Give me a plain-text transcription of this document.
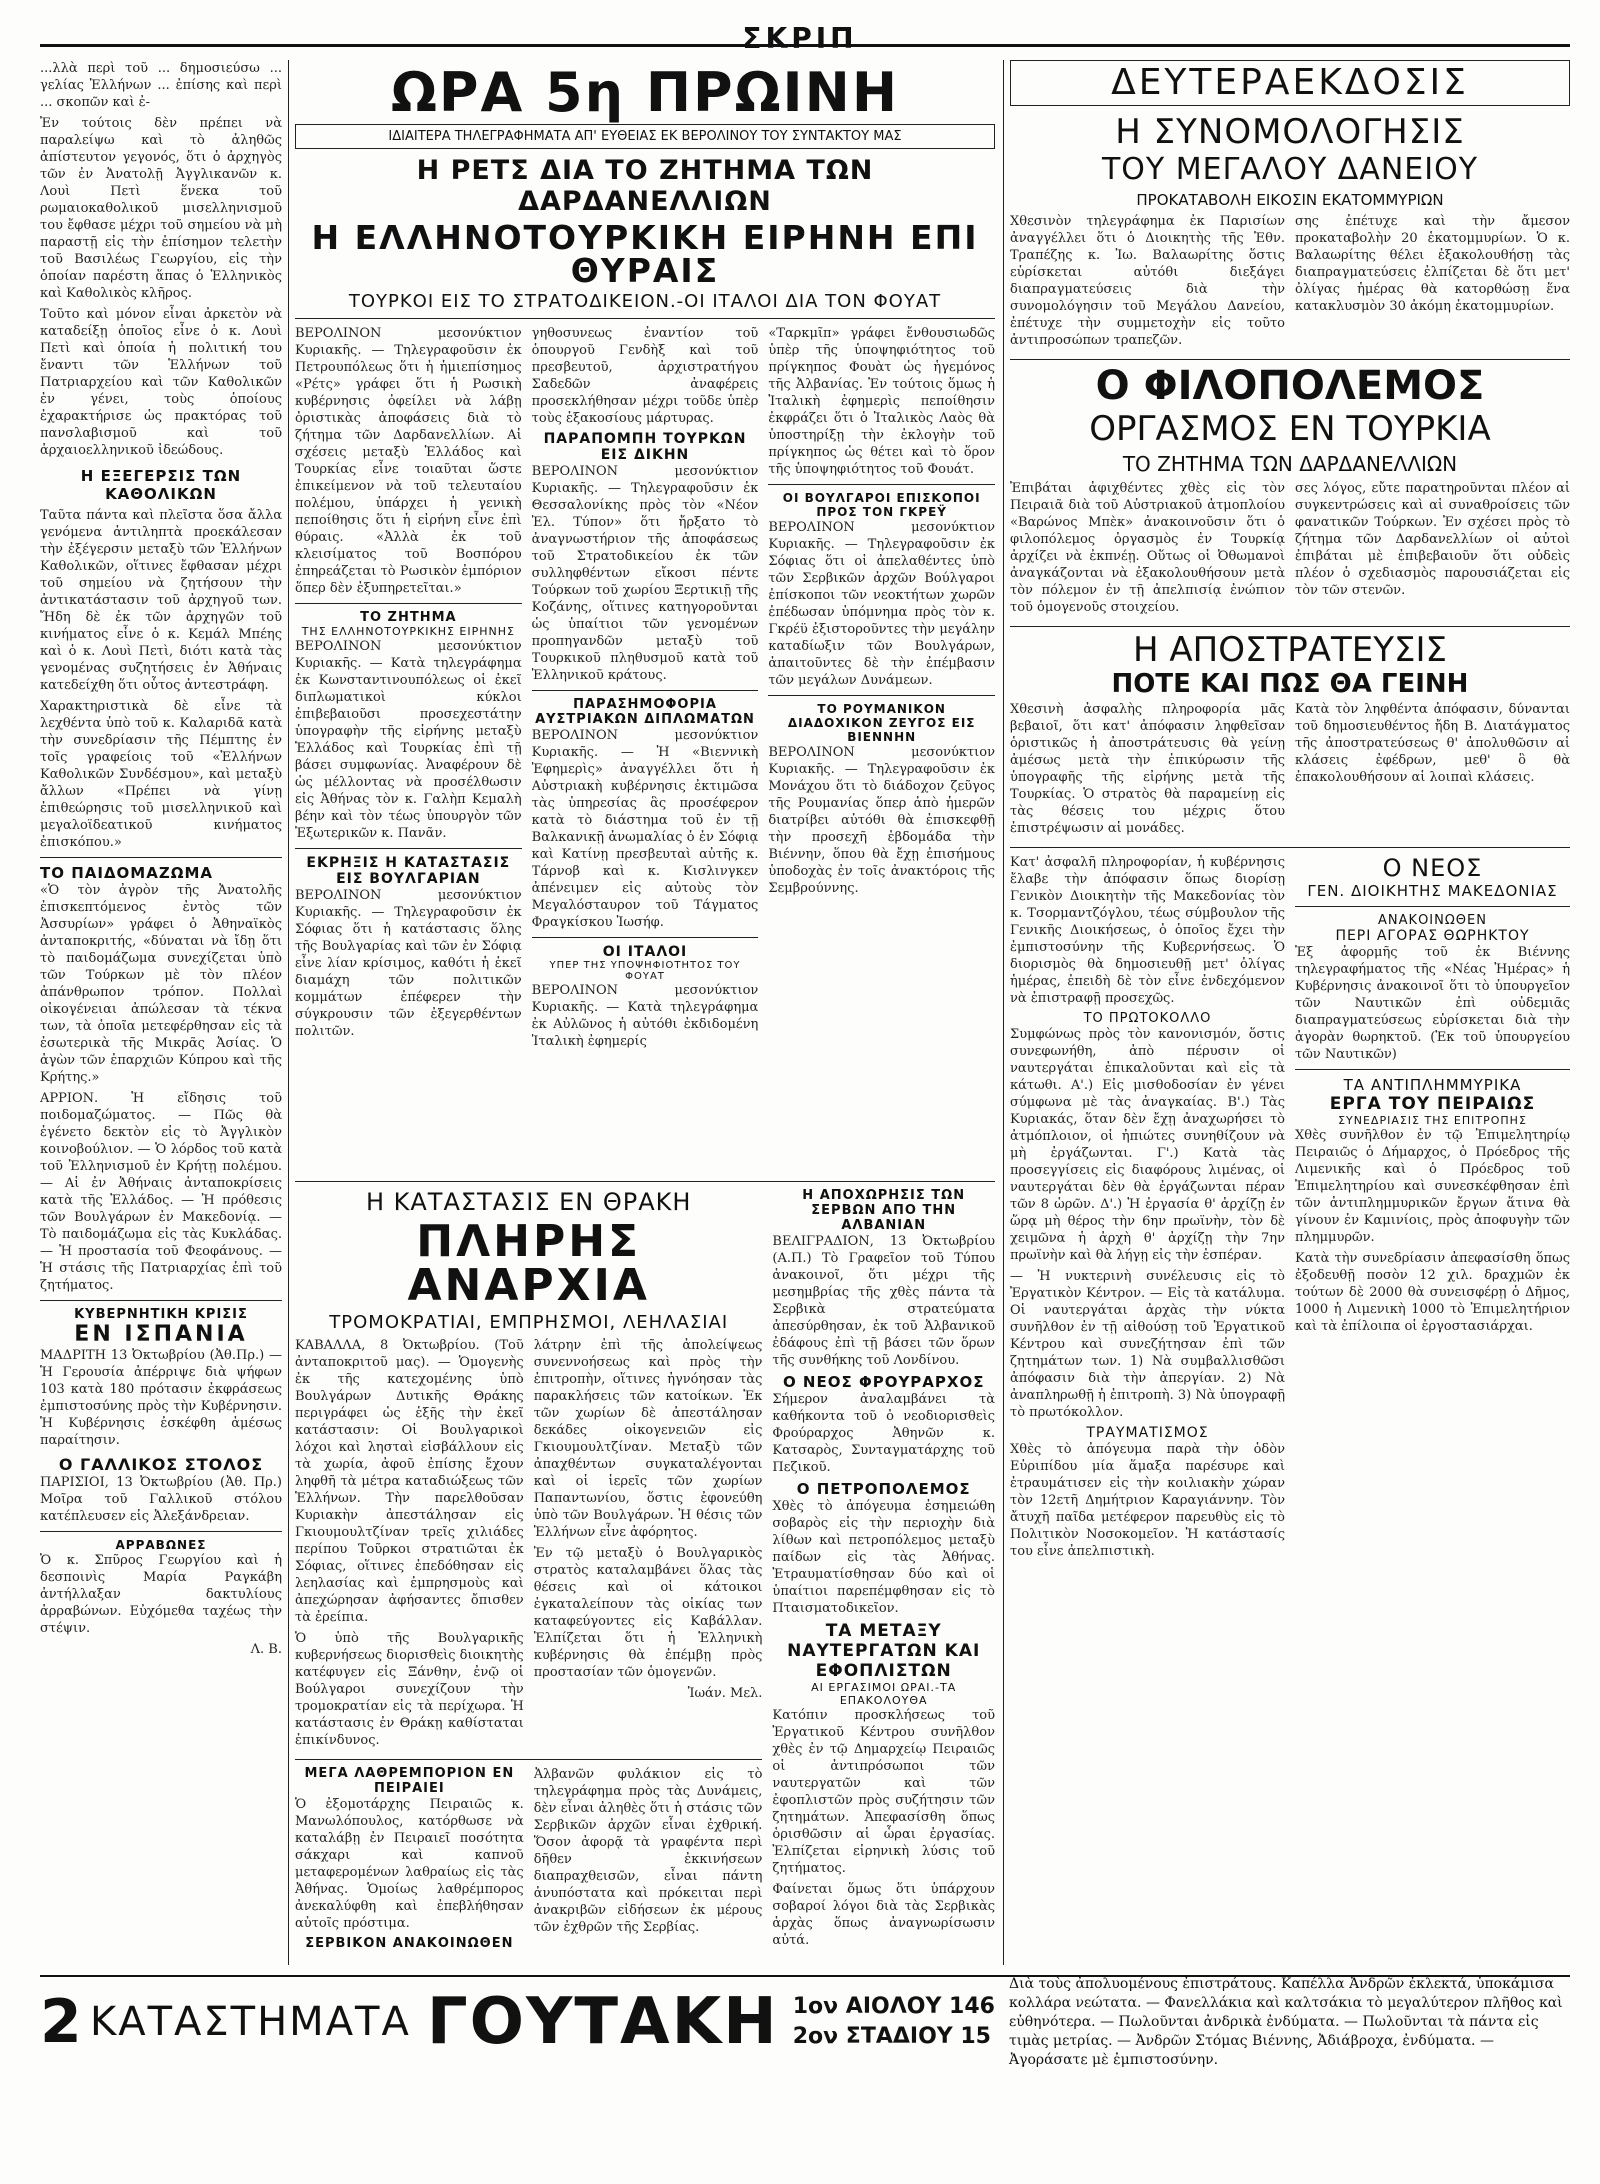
ΣΚΡΙΠ

...λλὰ περὶ τοῦ ... δημοσιεύσω ... γελίας Ἑλλήνων ... ἐπίσης καὶ περὶ ... σκοπῶν καὶ ἐ-

Ἐν τούτοις δὲν πρέπει νὰ παραλείψω καὶ τὸ ἀληθῶς ἀπίστευτον γεγονός, ὅτι ὁ ἀρχηγὸς τῶν ἐν Ἀνατολῇ Ἀγγλικανῶν κ. Λουὶ Πετὶ ἕνεκα τοῦ ρωμαιοκαθολικοῦ μισελληνισμοῦ του ἔφθασε μέχρι τοῦ σημείου νὰ μὴ παραστῇ εἰς τὴν ἐπίσημον τελετὴν τοῦ Βασιλέως Γεωργίου, εἰς τὴν ὁποίαν παρέστη ἅπας ὁ Ἑλληνικὸς καὶ Καθολικὸς κλῆρος.

Τοῦτο καὶ μόνον εἶναι ἀρκετὸν νὰ καταδείξῃ ὁποῖος εἶνε ὁ κ. Λουὶ Πετὶ καὶ ὁποία ἡ πολιτική του ἔναντι τῶν Ἑλλήνων τοῦ Πατριαρχείου καὶ τῶν Καθολικῶν ἐν γένει, τοὺς ὁποίους ἐχαρακτήρισε ὡς πρακτόρας τοῦ πανσλαβισμοῦ καὶ τοῦ ἀρχαιοελληνικοῦ ἰδεώδους.

Η ΕΞΕΓΕΡΣΙΣ ΤΩΝ ΚΑΘΟΛΙΚΩΝ

Ταῦτα πάντα καὶ πλεῖστα ὅσα ἄλλα γενόμενα ἀντιληπτὰ προεκάλεσαν τὴν ἐξέγερσιν μεταξὺ τῶν Ἑλλήνων Καθολικῶν, οἵτινες ἔφθασαν μέχρι τοῦ σημείου νὰ ζητήσουν τὴν ἀντικατάστασιν τοῦ ἀρχηγοῦ των. Ἤδη δὲ ἐκ τῶν ἀρχηγῶν τοῦ κινήματος εἶνε ὁ κ. Κεμάλ Μπέης καὶ ὁ κ. Λουὶ Πετὶ, διότι κατὰ τὰς γενομένας συζητήσεις ἐν Ἀθήναις κατεδείχθη ὅτι οὗτος ἀντεστράφη.

Χαρακτηριστικὰ δὲ εἶνε τὰ λεχθέντα ὑπὸ τοῦ κ. Καλαριδᾶ κατὰ τὴν συνεδρίασιν τῆς Πέμπτης ἐν τοῖς γραφείοις τοῦ «Ἑλλήνων Καθολικῶν Συνδέσμου», καὶ μεταξὺ ἄλλων «Πρέπει νὰ γίνῃ ἐπιθεώρησις τοῦ μισελληνικοῦ καὶ μεγαλοϊδεατικοῦ κινήματος ἐπισκόπου.»

ΤΟ ΠΑΙΔΟΜΑΖΩΜΑ

«Ὁ τὸν ἀγρὸν τῆς Ἀνατολῆς ἐπισκεπτόμενος ἐντὸς τῶν Ἀσσυρίων» γράφει ὁ Ἀθηναϊκὸς ἀνταποκριτής, «δύναται νὰ ἴδῃ ὅτι τὸ παιδομάζωμα συνεχίζεται ὑπὸ τῶν Τούρκων μὲ τὸν πλέον ἀπάνθρωπον τρόπον. Πολλαὶ οἰκογένειαι ἀπώλεσαν τὰ τέκνα των, τὰ ὁποῖα μετεφέρθησαν εἰς τὰ ἐσωτερικὰ τῆς Μικρᾶς Ἀσίας. Ὁ ἀγὼν τῶν ἐπαρχιῶν Κύπρου καὶ τῆς Κρήτης.»

ΑΡΡΙΟΝ. Ἡ εἴδησις τοῦ ποιδομαζώματος. — Πῶς θὰ ἐγένετο δεκτὸν εἰς τὸ Ἀγγλικὸν κοινοβούλιον. — Ὁ λόρδος τοῦ κατὰ τοῦ Ἑλληνισμοῦ ἐν Κρήτῃ πολέμου. — Αἱ ἐν Ἀθήναις ἀνταποκρίσεις κατὰ τῆς Ἑλλάδος. — Ἡ πρόθεσις τῶν Βουλγάρων ἐν Μακεδονίᾳ. — Τὸ παιδομάζωμα εἰς τὰς Κυκλάδας. — Ἡ προστασία τοῦ Φεοφάνους. — Ἡ στάσις τῆς Πατριαρχίας ἐπὶ τοῦ ζητήματος.

ΚΥΒΕΡΝΗΤΙΚΗ ΚΡΙΣΙΣ
ΕΝ ΙΣΠΑΝΙΑ

ΜΑΔΡΙΤΗ 13 Ὀκτωβρίου (Ἀθ.Πρ.) —Ἡ Γερουσία ἀπέρριψε διὰ ψήφων 103 κατὰ 180 πρότασιν ἐκφράσεως ἐμπιστοσύνης πρὸς τὴν Κυβέρνησιν. Ἡ Κυβέρνησις ἐσκέφθη ἀμέσως παραίτησιν.

Ο ΓΑΛΛΙΚΟΣ ΣΤΟΛΟΣ

ΠΑΡΙΣΙΟΙ, 13 Ὀκτωβρίου (Ἀθ. Πρ.) Μοῖρα τοῦ Γαλλικοῦ στόλου κατέπλευσεν εἰς Ἀλεξάνδρειαν.

ΑΡΡΑΒΩΝΕΣ

Ὁ κ. Σπῦρος Γεωργίου καὶ ἡ δεσποινὶς Μαρία Ραγκάβη ἀντήλλαξαν δακτυλίους ἀρραβώνων. Εὐχόμεθα ταχέως τὴν στέψιν.

Λ. Β.
ΩΡΑ 5η ΠΡΩΙΝΗ
ΙΔΙΑΙΤΕΡΑ ΤΗΛΕΓΡΑΦΗΜΑΤΑ ΑΠ' ΕΥΘΕΙΑΣ ΕΚ ΒΕΡΟΛΙΝΟΥ ΤΟΥ ΣΥΝΤΑΚΤΟΥ ΜΑΣ
Η ΡΕΤΣ ΔΙΑ ΤΟ ΖΗΤΗΜΑ ΤΩΝ ΔΑΡΔΑΝΕΛΛΙΩΝ
Η ΕΛΛΗΝΟΤΟΥΡΚΙΚΗ ΕΙΡΗΝΗ ΕΠΙ ΘΥΡΑΙΣ
ΤΟΥΡΚΟΙ ΕΙΣ ΤΟ ΣΤΡΑΤΟΔΙΚΕΙΟΝ.-ΟΙ ΙΤΑΛΟΙ ΔΙΑ ΤΟΝ ΦΟΥΑΤ

ΒΕΡΟΛΙΝΟΝ μεσονύκτιον Κυριακῆς. — Τηλεγραφοῦσιν ἐκ Πετρουπόλεως ὅτι ἡ ἡμιεπίσημος «Ρέτς» γράφει ὅτι ἡ Ρωσικὴ κυβέρνησις ὀφείλει νὰ λάβῃ ὁριστικὰς ἀποφάσεις διὰ τὸ ζήτημα τῶν Δαρδανελλίων. Αἱ σχέσεις μεταξὺ Ἑλλάδος καὶ Τουρκίας εἶνε τοιαῦται ὥστε ἐπικείμενον νὰ τοῦ τελευταίου πολέμου, ὑπάρχει ἡ γενικὴ πεποίθησις ὅτι ἡ εἰρήνη εἶνε ἐπὶ θύραις. «Ἀλλὰ ἐκ τοῦ κλεισίματος τοῦ Βοσπόρου ἐπηρεάζεται τὸ Ρωσικὸν ἐμπόριον ὅπερ δὲν ἐξυπηρετεῖται.»

ΤΟ ΖΗΤΗΜΑ
ΤΗΣ ΕΛΛΗΝΟΤΟΥΡΚΙΚΗΣ ΕΙΡΗΝΗΣ

ΒΕΡΟΛΙΝΟΝ μεσονύκτιον Κυριακῆς. — Κατὰ τηλεγράφημα ἐκ Κωνσταντινουπόλεως οἱ ἐκεῖ διπλωματικοὶ κύκλοι ἐπιβεβαιοῦσι προσεχεστάτην ὑπογραφὴν τῆς εἰρήνης μεταξὺ Ἑλλάδος καὶ Τουρκίας ἐπὶ τῇ βάσει συμφωνίας. Ἀναφέρουν δὲ ὡς μέλλοντας νὰ προσέλθωσιν εἰς Ἀθήνας τὸν κ. Γαλὴπ Κεμαλὴ βέην καὶ τὸν τέως ὑπουργὸν τῶν Ἐξωτερικῶν κ. Πανᾶν.

ΕΚΡΗΞΙΣ Η ΚΑΤΑΣΤΑΣΙΣ ΕΙΣ ΒΟΥΛΓΑΡΙΑΝ

ΒΕΡΟΛΙΝΟΝ μεσονύκτιον Κυριακῆς. — Τηλεγραφοῦσιν ἐκ Σόφιας ὅτι ἡ κατάστασις ὅλης τῆς Βουλγαρίας καὶ τῶν ἐν Σόφιᾳ εἶνε λίαν κρίσιμος, καθότι ἡ ἐκεῖ διαμάχη τῶν πολιτικῶν κομμάτων ἐπέφερεν τὴν σύγκρουσιν τῶν ἐξεγερθέντων πολιτῶν.

γηθοσυνεως ἐναντίον τοῦ ὁπουργοῦ Γενδὴξ καὶ τοῦ πρεσβευτοῦ, ἀρχιστρατήγου Σαδεδῶν ἀναφέρεις προσεκλήθησαν μέχρι τοῦδε ὑπὲρ τοὺς ἑξακοσίους μάρτυρας.

ΠΑΡΑΠΟΜΠΗ ΤΟΥΡΚΩΝ ΕΙΣ ΔΙΚΗΝ

ΒΕΡΟΛΙΝΟΝ μεσονύκτιον Κυριακῆς. — Τηλεγραφοῦσιν ἐκ Θεσσαλονίκης πρὸς τὸν «Νέον Ἑλ. Τύπον» ὅτι ἤρξατο τὸ ἀναγνωστήριον τῆς ἀποφάσεως τοῦ Στρατοδικείου ἐκ τῶν συλληφθέντων εἴκοσι πέντε Τούρκων τοῦ χωρίου Ξερτικιῇ τῆς Κοζάνης, οἵτινες κατηγοροῦνται ὡς ὑπαίτιοι τῶν γενομένων προπηγανδῶν μεταξὺ τοῦ Τουρκικοῦ πληθυσμοῦ κατὰ τοῦ Ἑλληνικοῦ κράτους.

ΠΑΡΑΣΗΜΟΦΟΡΙΑ ΑΥΣΤΡΙΑΚΩΝ ΔΙΠΛΩΜΑΤΩΝ

ΒΕΡΟΛΙΝΟΝ μεσονύκτιον Κυριακῆς. — Ἡ «Βιεννικὴ Ἐφημερὶς» ἀναγγέλλει ὅτι ἡ Αὐστριακὴ κυβέρνησις ἐκτιμῶσα τὰς ὑπηρεσίας ἃς προσέφερον κατὰ τὸ διάστημα τοῦ ἐν τῇ Βαλκανικῇ ἀνωμαλίας ὁ ἐν Σόφιᾳ καὶ Κατίνῃ πρεσβευταὶ αὐτῆς κ. Τάρνοβ καὶ κ. Κισλινγκεν ἀπένειμεν εἰς αὐτοὺς τὸν Μεγαλόσταυρον τοῦ Τάγματος Φραγκίσκου Ἰωσήφ.

ΟΙ ΙΤΑΛΟΙ
ΥΠΕΡ ΤΗΣ ΥΠΟΨΗΦΙΟΤΗΤΟΣ ΤΟΥ ΦΟΥΑΤ

ΒΕΡΟΛΙΝΟΝ μεσονύκτιον Κυριακῆς. — Κατὰ τηλεγράφημα ἐκ Αὐλῶνος ἡ αὐτόθι ἐκδιδομένη Ἰταλικὴ ἐφημερίς

«Ταρκμῖπ» γράφει ἔνθουσιωδῶς ὑπὲρ τῆς ὑποψηφιότητος τοῦ πρίγκηπος Φουὰτ ὡς ἡγεμόνος τῆς Ἀλβανίας. Ἐν τούτοις ὅμως ἡ Ἰταλικὴ ἐφημερὶς πεποίθησιν ἐκφράζει ὅτι ὁ Ἰταλικὸς Λαὸς θὰ ὑποστηρίξῃ τὴν ἐκλογὴν τοῦ πρίγκηπος ὡς θέτει καὶ τὸ ὅρον τῆς ὑποψηφιότητος τοῦ Φουάτ.

ΟΙ ΒΟΥΛΓΑΡΟΙ ΕΠΙΣΚΟΠΟΙ ΠΡΟΣ ΤΟΝ ΓΚΡΕΫ

ΒΕΡΟΛΙΝΟΝ μεσονύκτιον Κυριακῆς. — Τηλεγραφοῦσιν ἐκ Σόφιας ὅτι οἱ ἀπελαθέντες ὑπὸ τῶν Σερβικῶν ἀρχῶν Βούλγαροι ἐπίσκοποι τῶν νεοκτήτων χωρῶν ἐπέδωσαν ὑπόμνημα πρὸς τὸν κ. Γκρέϋ ἐξιστοροῦντες τὴν μεγάλην καταδίωξιν τῶν Βουλγάρων, ἀπαιτοῦντες δὲ τὴν ἐπέμβασιν τῶν μεγάλων Δυνάμεων.

ΤΟ ΡΟΥΜΑΝΙΚΟΝ ΔΙΑΔΟΧΙΚΟΝ ΖΕΥΓΟΣ ΕΙΣ ΒΙΕΝΝΗΝ

ΒΕΡΟΛΙΝΟΝ μεσονύκτιον Κυριακῆς. — Τηλεγραφοῦσιν ἐκ Μονάχου ὅτι τὸ διάδοχον ζεῦγος τῆς Ρουμανίας ὅπερ ἀπὸ ἡμερῶν διατρίβει αὐτόθι θὰ ἐπισκεφθῇ τὴν προσεχῆ ἑβδομάδα τὴν Βιέννην, ὅπου θὰ ἔχῃ ἐπισήμους ὑποδοχὰς ἐν τοῖς ἀνακτόροις τῆς Σεμβρούννης.

Η ΚΑΤΑΣΤΑΣΙΣ ΕΝ ΘΡΑΚΗ
ΠΛΗΡΗΣ ΑΝΑΡΧΙΑ
ΤΡΟΜΟΚΡΑΤΙΑΙ, ΕΜΠΡΗΣΜΟΙ, ΛΕΗΛΑΣΙΑΙ

ΚΑΒΑΛΛΑ, 8 Ὀκτωβρίου. (Τοῦ ἀνταποκριτοῦ μας). — Ὁμογενὴς ἐκ τῆς κατεχομένης ὑπὸ Βουλγάρων Δυτικῆς Θράκης περιγράφει ὡς ἑξῆς τὴν ἐκεῖ κατάστασιν: Οἱ Βουλγαρικοὶ λόχοι καὶ λησταὶ εἰσβάλλουν εἰς τὰ χωρία, ἀφοῦ ἐπίσης ἔχουν ληφθῆ τὰ μέτρα καταδιώξεως τῶν Ἑλλήνων. Τὴν παρελθοῦσαν Κυριακὴν ἀπεστάλησαν εἰς Γκιουμουλτζίναν τρεῖς χιλιάδες περίπου Τοῦρκοι στρατιῶται ἐκ Σόφιας, οἵτινες ἐπεδόθησαν εἰς λεηλασίας καὶ ἐμπρησμοὺς καὶ ἀπεχώρησαν ἀφήσαντες ὄπισθεν τὰ ἐρείπια.

Ὁ ὑπὸ τῆς Βουλγαρικῆς κυβερνήσεως διορισθεὶς διοικητὴς κατέφυγεν εἰς Ξάνθην, ἐνῷ οἱ Βούλγαροι συνεχίζουν τὴν τρομοκρατίαν εἰς τὰ περίχωρα. Ἡ κατάστασις ἐν Θράκῃ καθίσταται ἐπικίνδυνος.

λάτρην ἐπὶ τῆς ἀπολείψεως συνεννοήσεως καὶ πρὸς τὴν ἐπιτροπὴν, οἵτινες ἠγνόησαν τὰς παρακλήσεις τῶν κατοίκων. Ἐκ τῶν χωρίων δὲ ἀπεστάλησαν δεκάδες οἰκογενειῶν εἰς Γκιουμουλτζίναν. Μεταξὺ τῶν ἀπαχθέντων συγκαταλέγονται καὶ οἱ ἱερεῖς τῶν χωρίων Παπαντωνίου, ὅστις ἐφονεύθη ὑπὸ τῶν Βουλγάρων. Ἡ θέσις τῶν Ἑλλήνων εἶνε ἀφόρητος.

Ἐν τῷ μεταξὺ ὁ Βουλγαρικὸς στρατὸς καταλαμβάνει ὅλας τὰς θέσεις καὶ οἱ κάτοικοι ἐγκαταλείπουν τὰς οἰκίας των καταφεύγοντες εἰς Καβάλλαν. Ἐλπίζεται ὅτι ἡ Ἑλληνικὴ κυβέρνησις θὰ ἐπέμβῃ πρὸς προστασίαν τῶν ὁμογενῶν.

Ἰωάν. Μελ.
ΜΕΓΑ ΛΑΘΡΕΜΠΟΡΙΟΝ ΕΝ ΠΕΙΡΑΙΕΙ

Ὁ ἐξομοτάρχης Πειραιῶς κ. Μανωλόπουλος, κατόρθωσε νὰ καταλάβῃ ἐν Πειραιεῖ ποσότητα σάκχαρι καὶ καπνοῦ μεταφερομένων λαθραίως εἰς τὰς Ἀθήνας. Ὁμοίως λαθρέμπορος ἀνεκαλύφθη καὶ ἐπεβλήθησαν αὐτοῖς πρόστιμα.

ΣΕΡΒΙΚΟΝ ΑΝΑΚΟΙΝΩΘΕΝ

Ἀλβανῶν φυλάκιον εἰς τὸ τηλεγράφημα πρὸς τὰς Δυνάμεις, δὲν εἶναι ἀληθὲς ὅτι ἡ στάσις τῶν Σερβικῶν ἀρχῶν εἶναι ἐχθρική. Ὅσον ἀφορᾷ τὰ γραφέντα περὶ δῆθεν ἐκκινήσεων διαπραχθεισῶν, εἶναι πάντη ἀνυπόστατα καὶ πρόκειται περὶ ἀνακριβῶν εἰδήσεων ἐκ μέρους τῶν ἐχθρῶν τῆς Σερβίας.

Η ΑΠΟΧΩΡΗΣΙΣ ΤΩΝ ΣΕΡΒΩΝ ΑΠΟ ΤΗΝ ΑΛΒΑΝΙΑΝ

ΒΕΛΙΓΡΑΔΙΟΝ, 13 Ὀκτωβρίου (Α.Π.) Τὸ Γραφεῖον τοῦ Τύπου ἀνακοινοῖ, ὅτι μέχρι τῆς μεσημβρίας τῆς χθὲς πάντα τὰ Σερβικὰ στρατεύματα ἀπεσύρθησαν, ἐκ τοῦ Ἀλβανικοῦ ἐδάφους ἐπὶ τῇ βάσει τῶν ὅρων τῆς συνθήκης τοῦ Λονδίνου.

Ο ΝΕΟΣ ΦΡΟΥΡΑΡΧΟΣ

Σήμερον ἀναλαμβάνει τὰ καθήκοντα τοῦ ὁ νεοδιορισθεὶς Φρούραρχος Ἀθηνῶν κ. Κατσαρὸς, Συνταγματάρχης τοῦ Πεζικοῦ.

Ο ΠΕΤΡΟΠΟΛΕΜΟΣ

Χθὲς τὸ ἀπόγευμα ἐσημειώθη σοβαρὸς εἰς τὴν περιοχὴν διὰ λίθων καὶ πετροπόλεμος μεταξὺ παίδων εἰς τὰς Ἀθήνας. Ἐτραυματίσθησαν δύο καὶ οἱ ὑπαίτιοι παρεπέμφθησαν εἰς τὸ Πταισματοδικεῖον.

ΤΑ ΜΕΤΑΞΥ ΝΑΥΤΕΡΓΑΤΩΝ ΚΑΙ ΕΦΟΠΛΙΣΤΩΝ
ΑΙ ΕΡΓΑΣΙΜΟΙ ΩΡΑΙ.-ΤΑ ΕΠΑΚΟΛΟΥΘΑ

Κατόπιν προσκλήσεως τοῦ Ἐργατικοῦ Κέντρου συνῆλθον χθὲς ἐν τῷ Δημαρχείῳ Πειραιῶς οἱ ἀντιπρόσωποι τῶν ναυτεργατῶν καὶ τῶν ἐφοπλιστῶν πρὸς συζήτησιν τῶν ζητημάτων. Ἀπεφασίσθη ὅπως ὁρισθῶσιν αἱ ὧραι ἐργασίας. Ἐλπίζεται εἰρηνικὴ λύσις τοῦ ζητήματος.

Φαίνεται ὅμως ὅτι ὑπάρχουν σοβαροί λόγοι διὰ τὰς Σερβικὰς ἀρχὰς ὅπως ἀναγνωρίσωσιν αὐτά.

ΔΕΥΤΕΡΑΕΚΔΟΣΙΣ
Η ΣΥΝΟΜΟΛΟΓΗΣΙΣ
ΤΟΥ ΜΕΓΑΛΟΥ ΔΑΝΕΙΟΥ
ΠΡΟΚΑΤΑΒΟΛΗ ΕΙΚΟΣΙΝ ΕΚΑΤΟΜΜΥΡΙΩΝ

Χθεσινὸν τηλεγράφημα ἐκ Παρισίων ἀναγγέλλει ὅτι ὁ Διοικητὴς τῆς Ἐθν. Τραπέζης κ. Ἰω. Βαλαωρίτης ὅστις εὑρίσκεται αὐτόθι διεξάγει διαπραγματεύσεις διὰ τὴν συνομολόγησιν τοῦ Μεγάλου Δανείου, ἐπέτυχε τὴν συμμετοχὴν εἰς τοῦτο ἀντιπροσώπων τραπεζῶν.

σης ἐπέτυχε καὶ τὴν ἄμεσον προκαταβολὴν 20 ἑκατομμυρίων. Ὁ κ. Βαλαωρίτης θέλει ἐξακολουθήσῃ τὰς διαπραγματεύσεις ἐλπίζεται δὲ ὅτι μετ' ὀλίγας ἡμέρας θὰ κατορθώσῃ ἕνα κατακλυσμὸν 30 ἀκόμη ἑκατομμυρίων.

Ο ΦΙΛΟΠΟΛΕΜΟΣ
ΟΡΓΑΣΜΟΣ ΕΝ ΤΟΥΡΚΙΑ
ΤΟ ΖΗΤΗΜΑ ΤΩΝ ΔΑΡΔΑΝΕΛΛΙΩΝ

Ἐπιβάται ἀφιχθέντες χθὲς εἰς τὸν Πειραιᾶ διὰ τοῦ Αὐστριακοῦ ἀτμοπλοίου «Βαρώνος Μπὲκ» ἀνακοινοῦσιν ὅτι ὁ φιλοπόλεμος ὀργασμὸς ἐν Τουρκίᾳ ἀρχίζει νὰ ἐκπνέῃ. Οὕτως οἱ Ὀθωμανοὶ ἀναγκάζονται νὰ ἐξακολουθήσουν μετὰ τὸν πόλεμον ἐν τῇ ἀπελπισίᾳ ἐνώπιον τοῦ ὁμογενοῦς στοιχείου.

σες λόγος, εὔτε παρατηροῦνται πλέον αἱ συγκεντρώσεις καὶ αἱ συναθροίσεις τῶν φανατικῶν Τούρκων. Ἐν σχέσει πρὸς τὸ ζήτημα τῶν Δαρδανελλίων οἱ αὐτοὶ ἐπιβάται μὲ ἐπιβεβαιοῦν ὅτι οὐδεὶς πλέον ὁ σχεδιασμὸς παρουσιάζεται εἰς τὸν τῶν στενῶν.

Η ΑΠΟΣΤΡΑΤΕΥΣΙΣ
ΠΟΤΕ ΚΑΙ ΠΩΣ ΘΑ ΓΕΙΝΗ

Χθεσινὴ ἀσφαλὴς πληροφορία μᾶς βεβαιοῖ, ὅτι κατ' ἀπόφασιν ληφθεῖσαν ὁριστικῶς ἡ ἀποστράτευσις θὰ γείνῃ ἀμέσως μετὰ τὴν ἐπικύρωσιν τῆς ὑπογραφῆς τῆς εἰρήνης μετὰ τῆς Τουρκίας. Ὁ στρατὸς θὰ παραμείνῃ εἰς τὰς θέσεις του μέχρις ὅτου ἐπιστρέψωσιν αἱ μονάδες.

Κατὰ τὸν ληφθέντα ἀπόφασιν, δύνανται τοῦ δημοσιευθέντος ἤδη Β. Διατάγματος τῆς ἀποστρατεύσεως θ' ἀπολυθῶσιν αἱ κλάσεις ἐφέδρων, μεθ' ὃ θὰ ἐπακολουθήσουν αἱ λοιπαὶ κλάσεις.

Κατ' ἀσφαλῆ πληροφορίαν, ἡ κυβέρνησις ἔλαβε τὴν ἀπόφασιν ὅπως διορίσῃ Γενικὸν Διοικητὴν τῆς Μακεδονίας τὸν κ. Τσορμαντζόγλου, τέως σύμβουλον τῆς Γενικῆς Διοικήσεως, ὁ ὁποῖος ἔχει τὴν ἐμπιστοσύνην τῆς Κυβερνήσεως. Ὁ διορισμὸς θὰ δημοσιευθῇ μετ' ὀλίγας ἡμέρας, ἐπειδὴ δὲ τὸν εἶνε ἐνδεχόμενον νὰ ἐπιστραφῇ προσεχῶς.

ΤΟ ΠΡΩΤΟΚΟΛΛΟ

Συμφώνως πρὸς τὸν κανονισμόν, ὅστις συνεφωνήθη, ἀπὸ πέρυσιν οἱ ναυτεργάται ἐπικαλοῦνται καὶ εἰς τὰ κάτωθι. Α'.) Εἰς μισθοδοσίαν ἐν γένει σύμφωνα μὲ τὰς ἀναγκαίας. Β'.) Τὰς Κυριακάς, ὅταν δὲν ἔχῃ ἀναχωρήσει τὸ ἀτμόπλοιον, οἱ ἠπιώτες συνηθίζουν νὰ μὴ ἐργάζωνται. Γ'.) Κατὰ τὰς προσεγγίσεις εἰς διαφόρους λιμένας, οἱ ναυτεργάται δὲν θὰ ἐργάζωνται πέραν τῶν 8 ὡρῶν. Δ'.) Ἡ ἐργασία θ' ἀρχίζῃ ἐν ὥρᾳ μὴ θέρος τὴν 6ην πρωϊνὴν, τὸν δὲ χειμῶνα ἡ ἀρχὴ θ' ἀρχίζῃ τὴν 7ην πρωϊνὴν καὶ θὰ λήγῃ εἰς τὴν ἑσπέραν.

— Ἡ νυκτερινὴ συνέλευσις εἰς τὸ Ἐργατικὸν Κέντρον. — Εἰς τὰ κατάλυμα. Οἱ ναυτεργάται ἀρχὰς τὴν νύκτα συνῆλθον ἐν τῇ αἰθούσῃ τοῦ Ἐργατικοῦ Κέντρου καὶ συνεζήτησαν ἐπὶ τῶν ζητημάτων των. 1) Νὰ συμβαλλισθῶσι ἀπόφασιν διὰ τὴν ἀπεργίαν. 2) Νὰ ἀναπληρωθῇ ἡ ἐπιτροπὴ. 3) Νὰ ὑπογραφῇ τὸ πρωτόκολλον.

ΤΡΑΥΜΑΤΙΣΜΟΣ

Χθὲς τὸ ἀπόγευμα παρὰ τὴν ὁδὸν Εὐριπίδου μία ἅμαξα παρέσυρε καὶ ἐτραυμάτισεν εἰς τὴν κοιλιακὴν χώραν τὸν 12ετῆ Δημήτριον Καραγιάννην. Τὸν ἄτυχῆ παῖδα μετέφερον παρευθὺς εἰς τὸ Πολιτικὸν Νοσοκομεῖον. Ἡ κατάστασίς του εἶνε ἀπελπιστικὴ.

Ο ΝΕΟΣ
ΓΕΝ. ΔΙΟΙΚΗΤΗΣ ΜΑΚΕΔΟΝΙΑΣ
ΑΝΑΚΟΙΝΩΘΕΝ
ΠΕΡΙ ΑΓΟΡΑΣ ΘΩΡΗΚΤΟΥ

Ἐξ ἀφορμῆς τοῦ ἐκ Βιέννης τηλεγραφήματος τῆς «Νέας Ἡμέρας» ἡ Κυβέρνησις ἀνακοινοῖ ὅτι τὸ ὑπουργεῖον τῶν Ναυτικῶν ἐπὶ οὐδεμιᾶς διαπραγματεύσεως εὑρίσκεται διὰ τὴν ἀγορὰν θωρηκτοῦ. (Ἐκ τοῦ ὑπουργείου τῶν Ναυτικῶν)

ΤΑ ΑΝΤΙΠΛΗΜΜΥΡΙΚΑ
ΕΡΓΑ ΤΟΥ ΠΕΙΡΑΙΩΣ
ΣΥΝΕΔΡΙΑΣΙΣ ΤΗΣ ΕΠΙΤΡΟΠΗΣ

Χθὲς συνῆλθον ἐν τῷ Ἐπιμελητηρίῳ Πειραιῶς ὁ Δήμαρχος, ὁ Πρόεδρος τῆς Λιμενικῆς καὶ ὁ Πρόεδρος τοῦ Ἐπιμελητηρίου καὶ συνεσκέφθησαν ἐπὶ τῶν ἀντιπλημμυρικῶν ἔργων ἅτινα θὰ γίνουν ἐν Καμινίοις, πρὸς ἀποφυγὴν τῶν πλημμυρῶν.

Κατὰ τὴν συνεδρίασιν ἀπεφασίσθη ὅπως ἐξοδευθῇ ποσὸν 12 χιλ. δραχμῶν ἐκ τούτων δὲ 2000 θὰ συνεισφέρῃ ὁ Δῆμος, 1000 ἡ Λιμενικὴ 1000 τὸ Ἐπιμελητήριον καὶ τὰ ἐπίλοιπα οἱ ἐργοστασιάρχαι.

2 ΚΑΤΑΣΤΗΜΑΤΑ ΓΟΥΤΑΚΗ 1ον ΑΙΟΛΟΥ 146
2ον ΣΤΑΔΙΟΥ 15
Διὰ τοὺς ἀπολυομένους ἐπιστράτους. Καπέλλα Ἀνδρῶν ἐκλεκτά, ὑποκάμισα κολλάρα νεώτατα. — Φανελλάκια καὶ καλτσάκια τὸ μεγαλύτερον πλῆθος καὶ εὐθηνότερα. — Πωλοῦνται ἀνδρικὰ ἐνδύματα. — Πωλοῦνται τὰ πάντα εἰς τιμὰς μετρίας. — Ἀνδρῶν Στόμας Βιέννης, Ἀδιάβροχα, ἐνδύματα. — Ἀγοράσατε μὲ ἐμπιστοσύνην.
